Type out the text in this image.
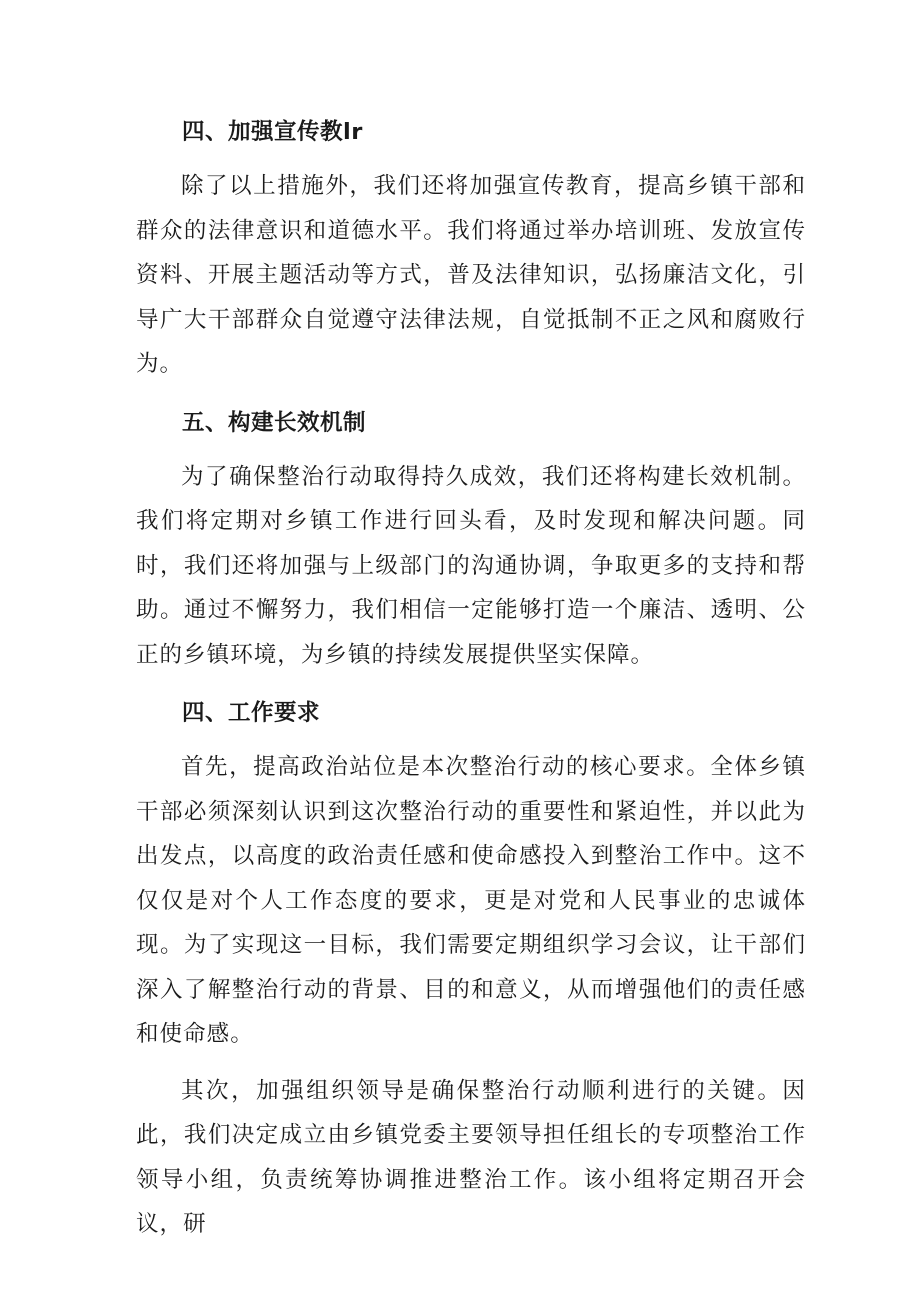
四、加强宣传教lr

除了以上措施外，我们还将加强宣传教育，提高乡镇干部和群众的法律意识和道德水平。我们将通过举办培训班、发放宣传资料、开展主题活动等方式，普及法律知识，弘扬廉洁文化，引导广大干部群众自觉遵守法律法规，自觉抵制不正之风和腐败行为。

五、构建长效机制

为了确保整治行动取得持久成效，我们还将构建长效机制。我们将定期对乡镇工作进行回头看，及时发现和解决问题。同时，我们还将加强与上级部门的沟通协调，争取更多的支持和帮助。通过不懈努力，我们相信一定能够打造一个廉洁、透明、公正的乡镇环境，为乡镇的持续发展提供坚实保障。

四、工作要求

首先，提高政治站位是本次整治行动的核心要求。全体乡镇干部必须深刻认识到这次整治行动的重要性和紧迫性，并以此为出发点，以高度的政治责任感和使命感投入到整治工作中。这不仅仅是对个人工作态度的要求，更是对党和人民事业的忠诚体现。为了实现这一目标，我们需要定期组织学习会议，让干部们深入了解整治行动的背景、目的和意义，从而增强他们的责任感和使命感。

其次，加强组织领导是确保整治行动顺利进行的关键。因此，我们决定成立由乡镇党委主要领导担任组长的专项整治工作领导小组，负责统筹协调推进整治工作。该小组将定期召开会议，研
